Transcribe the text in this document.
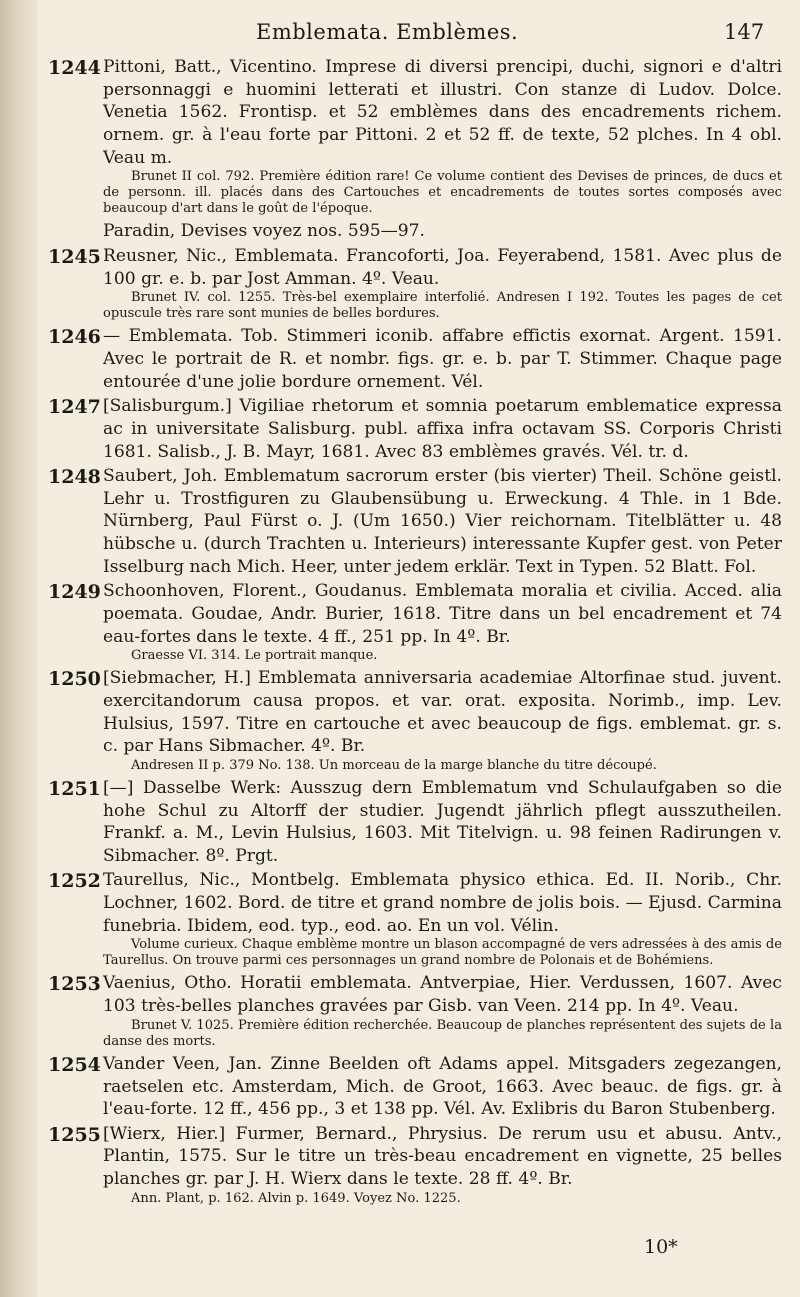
Emblemata. Emblèmes.	147
1244 Pittoni, Batt., Vicentino. Imprese di diversi prencipi, duchi, signori e d'altri personnaggi e huomini letterati et illustri. Con stanze di Ludov. Dolce. Venetia 1562. Frontisp. et 52 emblèmes dans des encadrements richem. ornem. gr. à l'eau forte par Pittoni. 2 et 52 ff. de texte, 52 plches. In 4 obl. Veau m.

Brunet II col. 792. Première édition rare! Ce volume contient des Devises de princes, de ducs et de personn. ill. placés dans des Cartouches et encadrements de toutes sortes composés avec beaucoup d'art dans le goût de l'époque.

Paradin, Devises voyez nos. 595—97.

1245 Reusner, Nic., Emblemata. Francoforti, Joa. Feyerabend, 1581. Avec plus de 100 gr. e. b. par Jost Amman. 4º. Veau.

Brunet IV. col. 1255. Très-bel exemplaire interfolié. Andresen I 192. Toutes les pages de cet opuscule très rare sont munies de belles bordures.

1246 — Emblemata. Tob. Stimmeri iconib. affabre effictis exornat. Argent. 1591. Avec le portrait de R. et nombr. figs. gr. e. b. par T. Stimmer. Chaque page entourée d'une jolie bordure ornement. Vél.

1247 [Salisburgum.] Vigiliae rhetorum et somnia poetarum emblematice expressa ac in universitate Salisburg. publ. affixa infra octavam SS. Corporis Christi 1681. Salisb., J. B. Mayr, 1681. Avec 83 emblèmes gravés. Vél. tr. d.

1248 Saubert, Joh. Emblematum sacrorum erster (bis vierter) Theil. Schöne geistl. Lehr u. Trostfiguren zu Glaubensübung u. Erweckung. 4 Thle. in 1 Bde. Nürnberg, Paul Fürst o. J. (Um 1650.) Vier reichornam. Titelblätter u. 48 hübsche u. (durch Trachten u. Interieurs) interessante Kupfer gest. von Peter Isselburg nach Mich. Heer, unter jedem erklär. Text in Typen. 52 Blatt. Fol.

1249 Schoonhoven, Florent., Goudanus. Emblemata moralia et civilia. Acced. alia poemata. Goudae, Andr. Burier, 1618. Titre dans un bel encadrement et 74 eau-fortes dans le texte. 4 ff., 251 pp. In 4º. Br.

Graesse VI. 314. Le portrait manque.

1250 [Siebmacher, H.] Emblemata anniversaria academiae Altorfinae stud. juvent. exercitandorum causa propos. et var. orat. exposita. Norimb., imp. Lev. Hulsius, 1597. Titre en cartouche et avec beaucoup de figs. emblemat. gr. s. c. par Hans Sibmacher. 4º. Br.

Andresen II p. 379 No. 138. Un morceau de la marge blanche du titre découpé.

1251 [—] Dasselbe Werk: Ausszug dern Emblematum vnd Schulaufgaben so die hohe Schul zu Altorff der studier. Jugendt jährlich pflegt ausszutheilen. Frankf. a. M., Levin Hulsius, 1603. Mit Titelvign. u. 98 feinen Radirungen v. Sibmacher. 8º. Prgt.

1252 Taurellus, Nic., Montbelg. Emblemata physico ethica. Ed. II. Norib., Chr. Lochner, 1602. Bord. de titre et grand nombre de jolis bois. — Ejusd. Carmina funebria. Ibidem, eod. typ., eod. ao. En un vol. Vélin.

Volume curieux. Chaque emblème montre un blason accompagné de vers adressées à des amis de Taurellus. On trouve parmi ces personnages un grand nombre de Polonais et de Bohémiens.

1253 Vaenius, Otho. Horatii emblemata. Antverpiae, Hier. Verdussen, 1607. Avec 103 très-belles planches gravées par Gisb. van Veen. 214 pp. In 4º. Veau.

Brunet V. 1025. Première édition recherchée. Beaucoup de planches représentent des sujets de la danse des morts.

1254 Vander Veen, Jan. Zinne Beelden oft Adams appel. Mitsgaders zegezangen, raetselen etc. Amsterdam, Mich. de Groot, 1663. Avec beauc. de figs. gr. à l'eau-forte. 12 ff., 456 pp., 3 et 138 pp. Vél. Av. Exlibris du Baron Stubenberg.

1255 [Wierx, Hier.] Furmer, Bernard., Phrysius. De rerum usu et abusu. Antv., Plantin, 1575. Sur le titre un très-beau encadrement en vignette, 25 belles planches gr. par J. H. Wierx dans le texte. 28 ff. 4º. Br.

Ann. Plant, p. 162. Alvin p. 1649. Voyez No. 1225.

10*
